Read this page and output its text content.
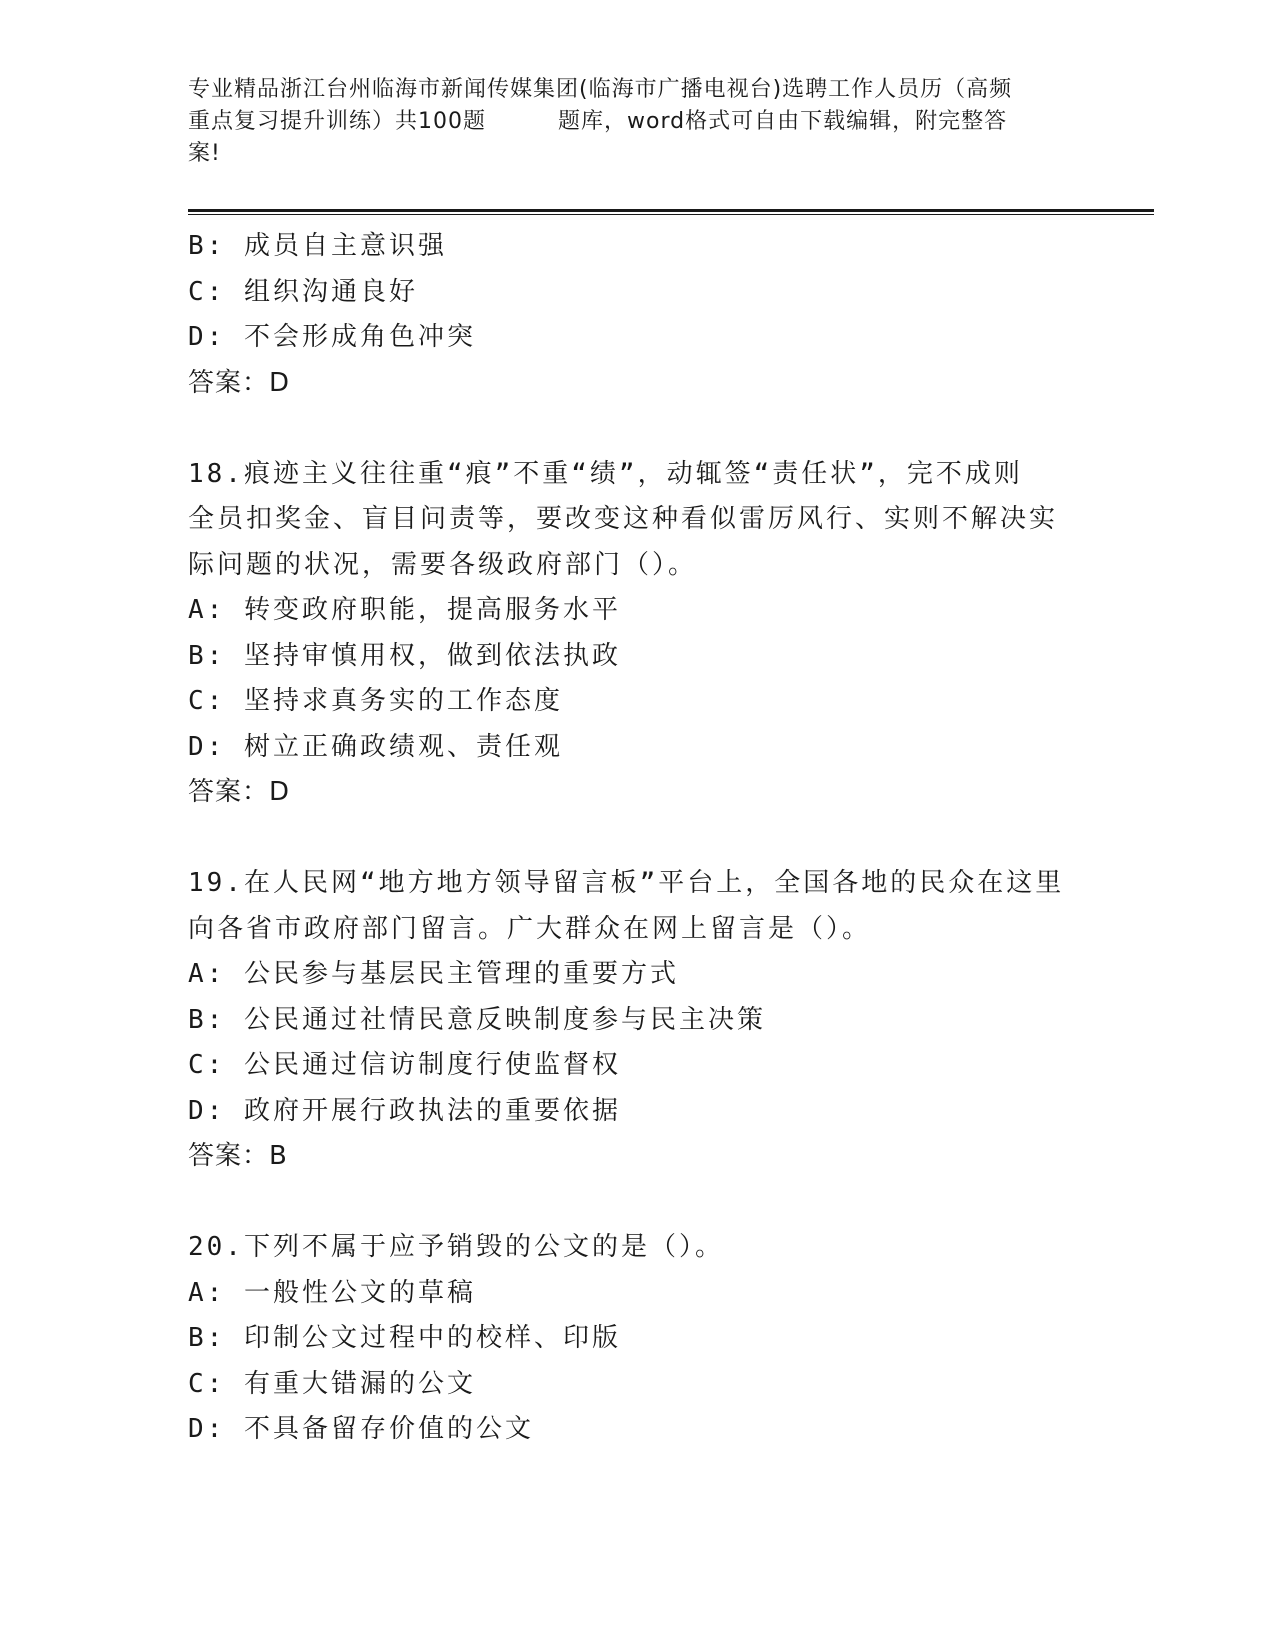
专业精品浙江台州临海市新闻传媒集团(临海市广播电视台)选聘工作人员历（高频
重点复习提升训练）共100题	题库，word格式可自由下载编辑，附完整答
案!
B: 成员自主意识强
C: 组织沟通良好
D: 不会形成角色冲突
答案：D
18.痕迹主义往往重“痕”不重“绩”，动辄签“责任状”，完不成则
全员扣奖金、盲目问责等，要改变这种看似雷厉风行、实则不解决实
际问题的状况，需要各级政府部门（）。
A: 转变政府职能，提高服务水平
B: 坚持审慎用权，做到依法执政
C: 坚持求真务实的工作态度
D: 树立正确政绩观、责任观
答案：D
19.在人民网“地方地方领导留言板”平台上，全国各地的民众在这里
向各省市政府部门留言。广大群众在网上留言是（）。
A: 公民参与基层民主管理的重要方式
B: 公民通过社情民意反映制度参与民主决策
C: 公民通过信访制度行使监督权
D: 政府开展行政执法的重要依据
答案：B
20.下列不属于应予销毁的公文的是（）。
A: 一般性公文的草稿
B: 印制公文过程中的校样、印版
C: 有重大错漏的公文
D: 不具备留存价值的公文
